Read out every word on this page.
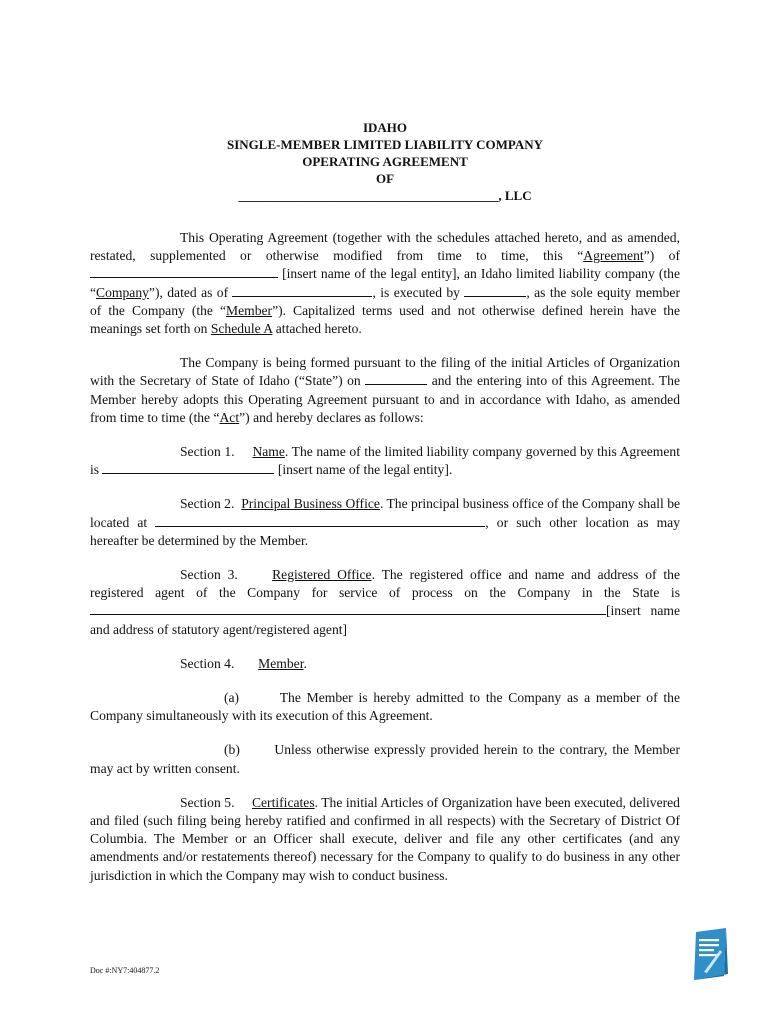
IDAHO
SINGLE-MEMBER LIMITED LIABILITY COMPANY
OPERATING AGREEMENT
OF
________________________________________, LLC

This Operating Agreement (together with the schedules attached hereto, and as amended, restated, supplemented or otherwise modified from time to time, this “Agreement”) of  [insert name of the legal entity], an Idaho limited liability company (the “Company”), dated as of	, is executed by	, as the sole equity member of the Company (the “Member”). Capitalized terms used and not otherwise defined herein have the meanings set forth on Schedule A attached hereto.

The Company is being formed pursuant to the filing of the initial Articles of Organization with the Secretary of State of Idaho (“State”) on	and the entering into of this Agreement. The Member hereby adopts this Operating Agreement pursuant to and in accordance with Idaho, as amended from time to time (the “Act”) and hereby declares as follows:

Section 1. Name. The name of the limited liability company governed by this Agreement is	[insert name of the legal entity].

Section 2. Principal Business Office. The principal business office of the Company shall be located at	, or such other location as may hereafter be determined by the Member.

Section 3.	Registered Office. The registered office and name and address of the registered agent of the Company for service of process on the Company in the State is [insert name and address of statutory agent/registered agent]

Section 4. Member.

(a)	The Member is hereby admitted to the Company as a member of the Company simultaneously with its execution of this Agreement.

(b)	Unless otherwise expressly provided herein to the contrary, the Member may act by written consent.

Section 5. Certificates. The initial Articles of Organization have been executed, delivered and filed (such filing being hereby ratified and confirmed in all respects) with the Secretary of District Of Columbia. The Member or an Officer shall execute, deliver and file any other certificates (and any amendments and/or restatements thereof) necessary for the Company to qualify to do business in any other jurisdiction in which the Company may wish to conduct business.

Doc #:NY7:404877.2
